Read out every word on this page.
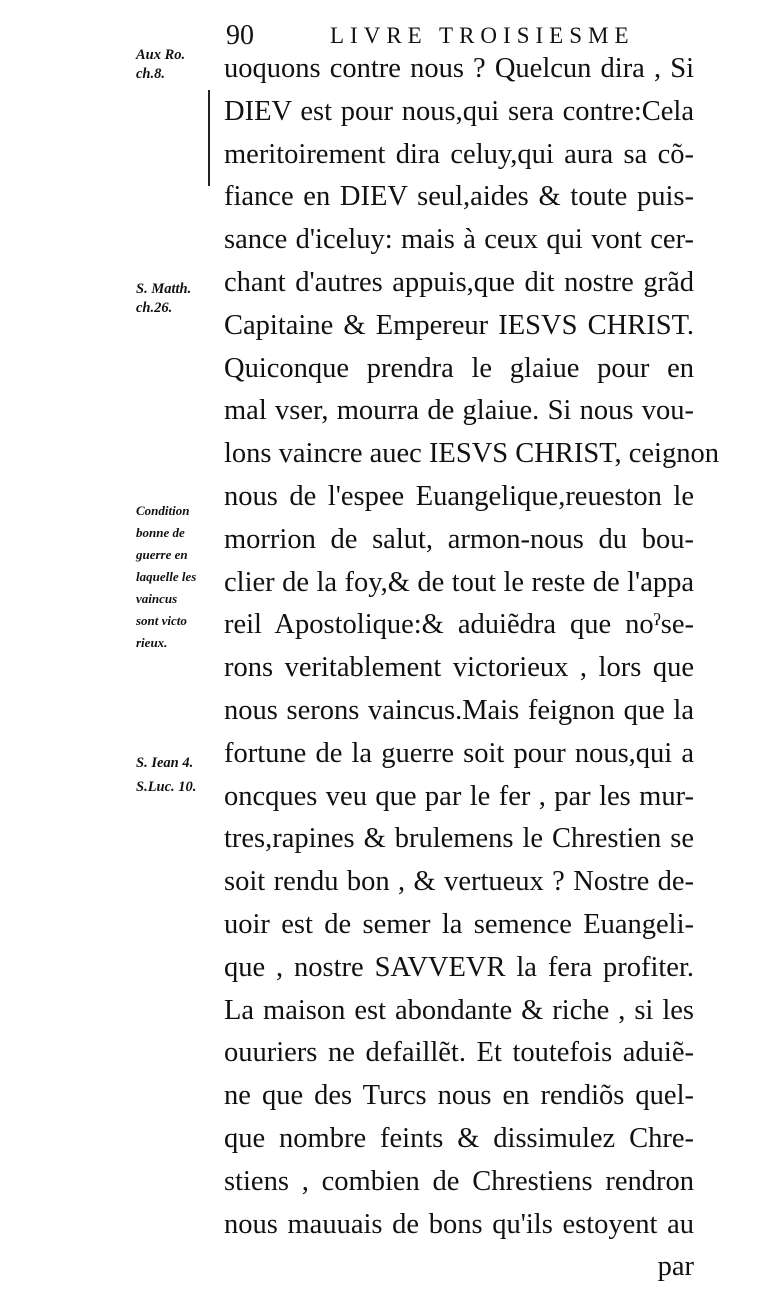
90	LIVRE TROISIESME
Aux Ro.
ch.8.
S. Matth.
ch.26.
Condition
bonne de
guerre en
laquelle les
vaincus
sont victo
rieux.
S. Iean 4.
S.Luc. 10.
uoquons contre nous ? Quelcun dira , Si
DIEV est pour nous,qui sera contre:Cela
meritoirement dira celuy,qui aura sa cõ-
fiance en DIEV seul,aides & toute puis-
sance d'iceluy: mais à ceux qui vont cer-
chant d'autres appuis,que dit nostre grãd
Capitaine & Empereur IESVS CHRIST.
Quiconque prendra le glaiue pour en
mal vser, mourra de glaiue. Si nous vou-
lons vaincre auec IESVS CHRIST, ceignon
nous de l'espee Euangelique,reueston le
morrion de salut, armon-nous du bou-
clier de la foy,& de tout le reste de l'appa
reil Apostolique:& aduiẽdra que noˀse-
rons veritablement victorieux , lors que
nous serons vaincus.Mais feignon que la
fortune de la guerre soit pour nous,qui a
oncques veu que par le fer , par les mur-
tres,rapines & brulemens le Chrestien se
soit rendu bon , & vertueux ? Nostre de-
uoir est de semer la semence Euangeli-
que , nostre SAVVEVR la fera profiter.
La maison est abondante & riche , si les
ouuriers ne defaillẽt. Et toutefois aduiẽ-
ne que des Turcs nous en rendiõs quel-
que nombre feints & dissimulez Chre-
stiens , combien de Chrestiens rendron
nous mauuais de bons qu'ils estoyent au
par
